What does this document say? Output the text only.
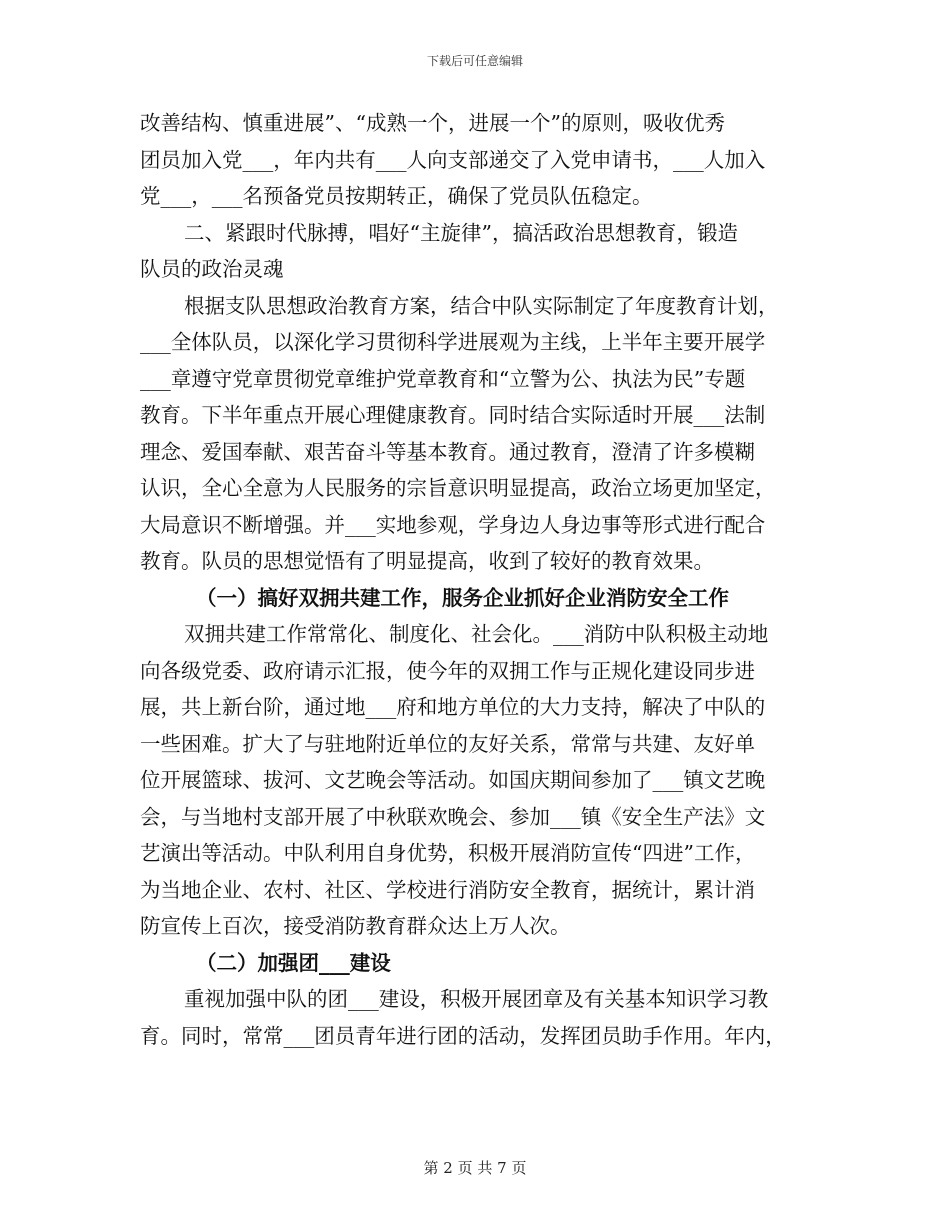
下载后可任意编辑
改善结构、慎重进展”、“成熟一个，进展一个”的原则，吸收优秀
团员加入党___，年内共有___人向支部递交了入党申请书，___人加入
党___，___名预备党员按期转正，确保了党员队伍稳定。
二、紧跟时代脉搏，唱好“主旋律”，搞活政治思想教育，锻造
队员的政治灵魂
根据支队思想政治教育方案，结合中队实际制定了年度教育计划，
___全体队员，以深化学习贯彻科学进展观为主线，上半年主要开展学
___章遵守党章贯彻党章维护党章教育和“立警为公、执法为民”专题
教育。下半年重点开展心理健康教育。同时结合实际适时开展___法制
理念、爱国奉献、艰苦奋斗等基本教育。通过教育，澄清了许多模糊
认识，全心全意为人民服务的宗旨意识明显提高，政治立场更加坚定，
大局意识不断增强。并___实地参观，学身边人身边事等形式进行配合
教育。队员的思想觉悟有了明显提高，收到了较好的教育效果。
（一）搞好双拥共建工作，服务企业抓好企业消防安全工作
双拥共建工作常常化、制度化、社会化。___消防中队积极主动地
向各级党委、政府请示汇报，使今年的双拥工作与正规化建设同步进
展，共上新台阶，通过地___府和地方单位的大力支持，解决了中队的
一些困难。扩大了与驻地附近单位的友好关系，常常与共建、友好单
位开展篮球、拔河、文艺晚会等活动。如国庆期间参加了___镇文艺晚
会，与当地村支部开展了中秋联欢晚会、参加___镇《安全生产法》文
艺演出等活动。中队利用自身优势，积极开展消防宣传“四进”工作，
为当地企业、农村、社区、学校进行消防安全教育，据统计，累计消
防宣传上百次，接受消防教育群众达上万人次。
（二）加强团___建设
重视加强中队的团___建设，积极开展团章及有关基本知识学习教
育。同时，常常___团员青年进行团的活动，发挥团员助手作用。年内，
第 2 页 共 7 页
